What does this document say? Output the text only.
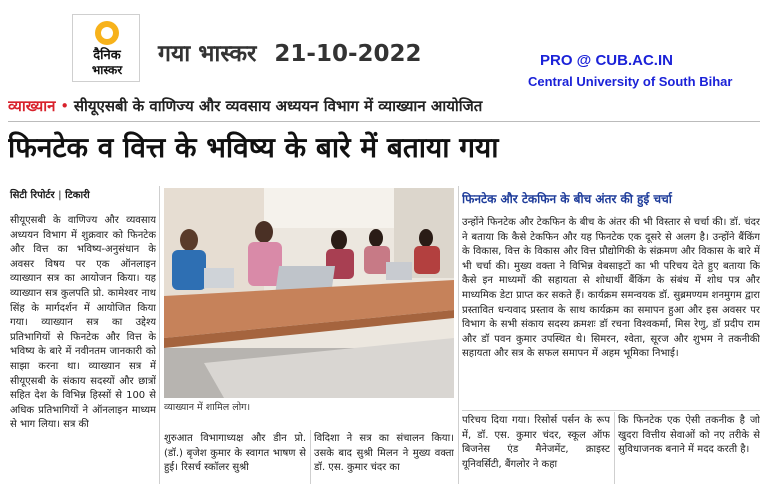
दैनिक
भास्कर
गया भास्कर 21-10-2022	PRO @ CUB.AC.IN
Central University of South Bihar
व्याख्यान • सीयूएसबी के वाणिज्य और व्यवसाय अध्ययन विभाग में व्याख्यान आयोजित
फिनटेक व वित्त के भविष्य के बारे में बताया गया
सिटी रिपोर्टर | टिकारी
सीयूएसबी के वाणिज्य और व्यवसाय अध्ययन विभाग में शुक्रवार को फिनटेक और वित्त का भविष्य-अनुसंधान के अवसर विषय पर एक ऑनलाइन व्याख्यान सत्र का आयोजन किया। यह व्याख्यान सत्र कुलपति प्रो. कामेश्वर नाथ सिंह के मार्गदर्शन में आयोजित किया गया। व्याख्यान सत्र का उद्देश्य प्रतिभागियों से फिनटेक और वित्त के भविष्य के बारे में नवीनतम जानकारी को साझा करना था। व्याख्यान सत्र में सीयूएसबी के संकाय सदस्यों और छात्रों सहित देश के विभिन्न हिस्सों से 100 से अधिक प्रतिभागियों ने ऑनलाइन माध्यम से भाग लिया। सत्र की
व्याख्यान में शामिल लोग।
फिनटेक और टेकफिन के बीच अंतर की हुई चर्चा
उन्होंने फिनटेक और टेकफिन के बीच के अंतर की भी विस्तार से चर्चा की। डॉ. चंदर ने बताया कि कैसे टेकफिन और यह फिनटेक एक दूसरे से अलग है। उन्होंने बैंकिंग के विकास, वित्त के विकास और वित्त प्रौद्योगिकी के संक्रमण और विकास के बारे में भी चर्चा की। मुख्य वक्ता ने विभिन्न वेबसाइटों का भी परिचय देते हुए बताया कि कैसे इन माध्यमों की सहायता से शोधार्थी बैंकिंग के संबंध में शोध पत्र और माध्यमिक डेटा प्राप्त कर सकते हैं। कार्यक्रम समन्वयक डॉ. सुब्रमण्यम शनमुगम द्वारा प्रस्तावित धन्यवाद प्रस्ताव के साथ कार्यक्रम का समापन हुआ और इस अवसर पर विभाग के सभी संकाय सदस्य क्रमशः डॉ रचना विश्वकर्मा, मिस रेणु, डॉ प्रदीप राम और डॉ पवन कुमार उपस्थित थे। सिमरन, श्वेता, सूरज और शुभम ने तकनीकी सहायता और सत्र के सफल समापन में अहम भूमिका निभाई।
शुरुआत विभागाध्यक्ष और डीन प्रो. (डॉ.) बृजेश कुमार के स्वागत भाषण से हुई। रिसर्च स्कॉलर सुश्री
विदिशा ने सत्र का संचालन किया। उसके बाद सुश्री मिलन ने मुख्य वक्ता डॉ. एस. कुमार चंदर का
परिचय दिया गया। रिसोर्स पर्सन के रूप में, डॉ. एस. कुमार चंदर, स्कूल ऑफ बिजनेस एंड मैनेजमेंट, क्राइस्ट यूनिवर्सिटी, बैंगलोर ने कहा
कि फिनटेक एक ऐसी तकनीक है जो खुदरा वित्तीय सेवाओं को नए तरीके से सुविधाजनक बनाने में मदद करती है।
